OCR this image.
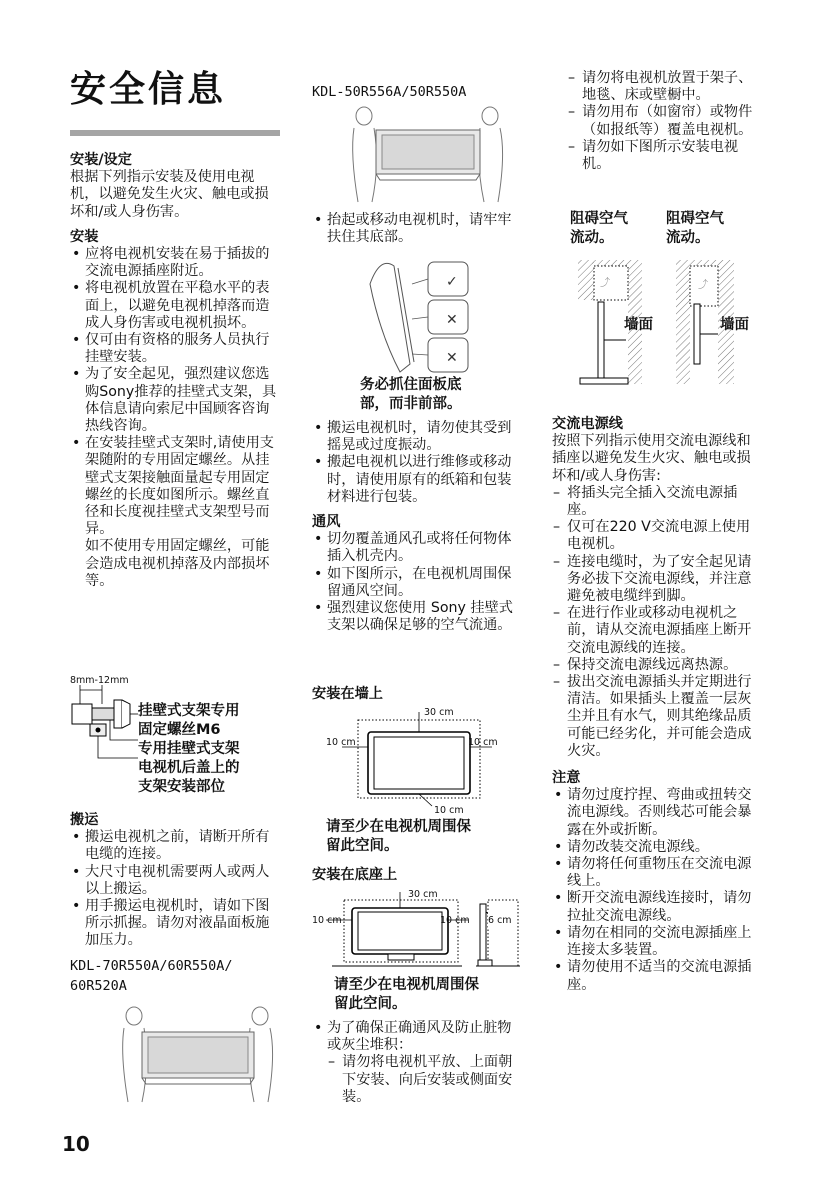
安全信息

安装/设定

根据下列指示安装及使用电视机，以避免发生火灾、触电或损坏和/或人身伤害。

安装

• 应将电视机安装在易于插拔的交流电源插座附近。
• 将电视机放置在平稳水平的表面上，以避免电视机掉落而造成人身伤害或电视机损坏。
• 仅可由有资格的服务人员执行挂壁安装。
• 为了安全起见，强烈建议您选购Sony推荐的挂壁式支架，具体信息请向索尼中国顾客咨询热线咨询。
• 在安装挂壁式支架时,请使用支架随附的专用固定螺丝。从挂壁式支架接触面量起专用固定螺丝的长度如图所示。螺丝直径和长度视挂壁式支架型号而异。

如不使用专用固定螺丝，可能会造成电视机掉落及内部损坏等。

8mm-12mm
挂壁式支架专用
固定螺丝M6
专用挂壁式支架
电视机后盖上的
支架安装部位

搬运

• 搬运电视机之前，请断开所有电缆的连接。
• 大尺寸电视机需要两人或两人以上搬运。
• 用手搬运电视机时，请如下图所示抓握。请勿对液晶面板施加压力。

KDL-70R550A/60R550A/ 60R520A

KDL-50R556A/50R550A

• 抬起或移动电视机时，请牢牢扶住其底部。
✓
✕
✕
务必抓住面板底
部，而非前部。
• 搬运电视机时，请勿使其受到摇晃或过度振动。
• 搬起电视机以进行维修或移动时，请使用原有的纸箱和包装材料进行包装。

通风

• 切勿覆盖通风孔或将任何物体插入机壳内。
• 如下图所示，在电视机周围保留通风空间。
• 强烈建议您使用 Sony 挂壁式支架以确保足够的空气流通。

安装在墙上

30 cm
10 cm	10 cm
10 cm
请至少在电视机周围保
留此空间。

安装在底座上

30 cm
10 cm	10 cm 6 cm
请至少在电视机周围保
留此空间。
• 为了确保正确通风及防止脏物或灰尘堆积：
– 请勿将电视机平放、上面朝下安装、向后安装或侧面安装。
– 请勿将电视机放置于架子、地毯、床或壁橱中。
– 请勿用布（如窗帘）或物件（如报纸等）覆盖电视机。
– 请勿如下图所示安装电视机。
阻碍空气
流动。
阻碍空气
流动。
⤴	⤴
墙面	墙面

交流电源线

按照下列指示使用交流电源线和插座以避免发生火灾、触电或损坏和/或人身伤害:

– 将插头完全插入交流电源插座。
– 仅可在220 V交流电源上使用电视机。
– 连接电缆时，为了安全起见请务必拔下交流电源线，并注意避免被电缆绊到脚。
– 在进行作业或移动电视机之前，请从交流电源插座上断开交流电源线的连接。
– 保持交流电源线远离热源。
– 拔出交流电源插头并定期进行清洁。如果插头上覆盖一层灰尘并且有水气，则其绝缘品质可能已经劣化，并可能会造成火灾。

注意

• 请勿过度拧捏、弯曲或扭转交流电源线。否则线芯可能会暴露在外或折断。
• 请勿改装交流电源线。
• 请勿将任何重物压在交流电源线上。
• 断开交流电源线连接时，请勿拉扯交流电源线。
• 请勿在相同的交流电源插座上连接太多装置。
• 请勿使用不适当的交流电源插座。
10
